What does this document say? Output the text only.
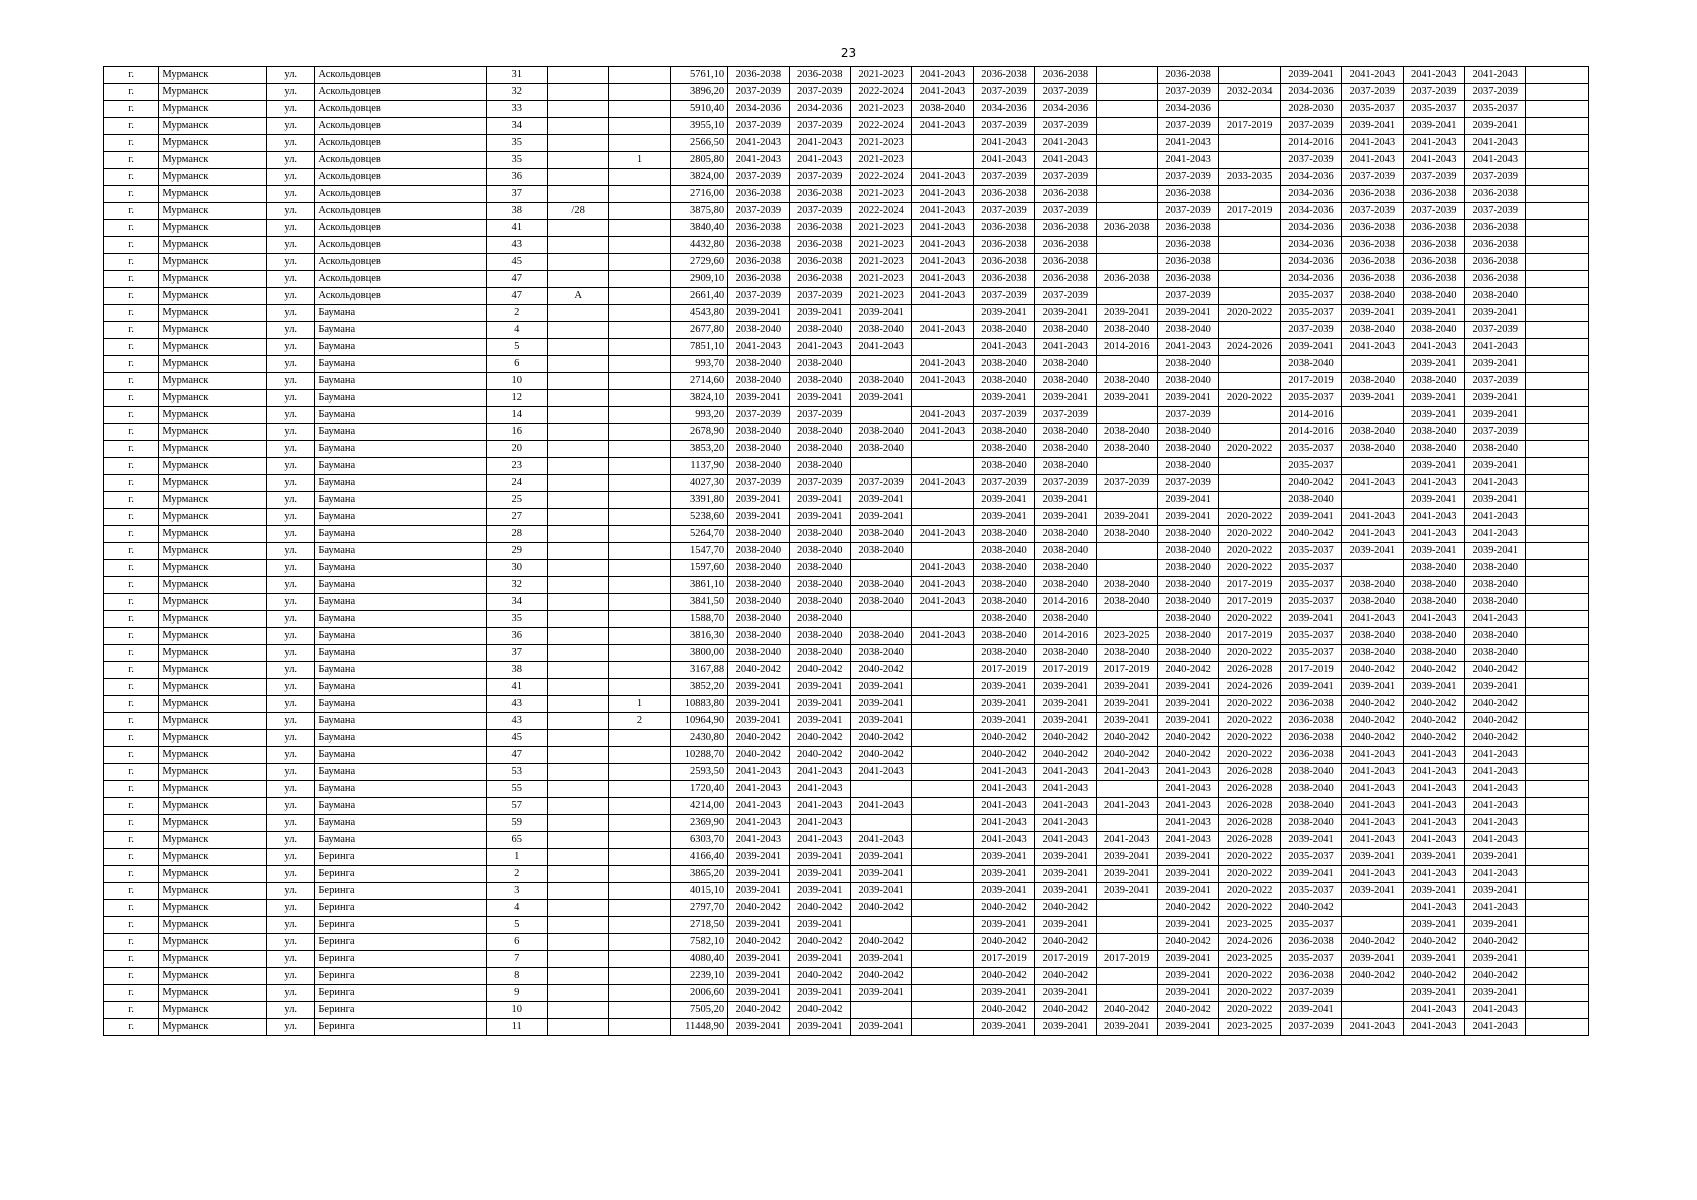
23
г.	Мурманск	ул.	Аскольдовцев	31			5761,10	2036-2038	2036-2038	2021-2023	2041-2043	2036-2038	2036-2038		2036-2038		2039-2041	2041-2043	2041-2043	2041-2043	
г.	Мурманск	ул.	Аскольдовцев	32			3896,20	2037-2039	2037-2039	2022-2024	2041-2043	2037-2039	2037-2039		2037-2039	2032-2034	2034-2036	2037-2039	2037-2039	2037-2039	
г.	Мурманск	ул.	Аскольдовцев	33			5910,40	2034-2036	2034-2036	2021-2023	2038-2040	2034-2036	2034-2036		2034-2036		2028-2030	2035-2037	2035-2037	2035-2037	
г.	Мурманск	ул.	Аскольдовцев	34			3955,10	2037-2039	2037-2039	2022-2024	2041-2043	2037-2039	2037-2039		2037-2039	2017-2019	2037-2039	2039-2041	2039-2041	2039-2041	
г.	Мурманск	ул.	Аскольдовцев	35			2566,50	2041-2043	2041-2043	2021-2023		2041-2043	2041-2043		2041-2043		2014-2016	2041-2043	2041-2043	2041-2043	
г.	Мурманск	ул.	Аскольдовцев	35		1	2805,80	2041-2043	2041-2043	2021-2023		2041-2043	2041-2043		2041-2043		2037-2039	2041-2043	2041-2043	2041-2043	
г.	Мурманск	ул.	Аскольдовцев	36			3824,00	2037-2039	2037-2039	2022-2024	2041-2043	2037-2039	2037-2039		2037-2039	2033-2035	2034-2036	2037-2039	2037-2039	2037-2039	
г.	Мурманск	ул.	Аскольдовцев	37			2716,00	2036-2038	2036-2038	2021-2023	2041-2043	2036-2038	2036-2038		2036-2038		2034-2036	2036-2038	2036-2038	2036-2038	
г.	Мурманск	ул.	Аскольдовцев	38	/28		3875,80	2037-2039	2037-2039	2022-2024	2041-2043	2037-2039	2037-2039		2037-2039	2017-2019	2034-2036	2037-2039	2037-2039	2037-2039	
г.	Мурманск	ул.	Аскольдовцев	41			3840,40	2036-2038	2036-2038	2021-2023	2041-2043	2036-2038	2036-2038	2036-2038	2036-2038		2034-2036	2036-2038	2036-2038	2036-2038	
г.	Мурманск	ул.	Аскольдовцев	43			4432,80	2036-2038	2036-2038	2021-2023	2041-2043	2036-2038	2036-2038		2036-2038		2034-2036	2036-2038	2036-2038	2036-2038	
г.	Мурманск	ул.	Аскольдовцев	45			2729,60	2036-2038	2036-2038	2021-2023	2041-2043	2036-2038	2036-2038		2036-2038		2034-2036	2036-2038	2036-2038	2036-2038	
г.	Мурманск	ул.	Аскольдовцев	47			2909,10	2036-2038	2036-2038	2021-2023	2041-2043	2036-2038	2036-2038	2036-2038	2036-2038		2034-2036	2036-2038	2036-2038	2036-2038	
г.	Мурманск	ул.	Аскольдовцев	47	А		2661,40	2037-2039	2037-2039	2021-2023	2041-2043	2037-2039	2037-2039		2037-2039		2035-2037	2038-2040	2038-2040	2038-2040	
г.	Мурманск	ул.	Баумана	2			4543,80	2039-2041	2039-2041	2039-2041		2039-2041	2039-2041	2039-2041	2039-2041	2020-2022	2035-2037	2039-2041	2039-2041	2039-2041	
г.	Мурманск	ул.	Баумана	4			2677,80	2038-2040	2038-2040	2038-2040	2041-2043	2038-2040	2038-2040	2038-2040	2038-2040		2037-2039	2038-2040	2038-2040	2037-2039	
г.	Мурманск	ул.	Баумана	5			7851,10	2041-2043	2041-2043	2041-2043		2041-2043	2041-2043	2014-2016	2041-2043	2024-2026	2039-2041	2041-2043	2041-2043	2041-2043	
г.	Мурманск	ул.	Баумана	6			993,70	2038-2040	2038-2040		2041-2043	2038-2040	2038-2040		2038-2040		2038-2040		2039-2041	2039-2041	
г.	Мурманск	ул.	Баумана	10			2714,60	2038-2040	2038-2040	2038-2040	2041-2043	2038-2040	2038-2040	2038-2040	2038-2040		2017-2019	2038-2040	2038-2040	2037-2039	
г.	Мурманск	ул.	Баумана	12			3824,10	2039-2041	2039-2041	2039-2041		2039-2041	2039-2041	2039-2041	2039-2041	2020-2022	2035-2037	2039-2041	2039-2041	2039-2041	
г.	Мурманск	ул.	Баумана	14			993,20	2037-2039	2037-2039		2041-2043	2037-2039	2037-2039		2037-2039		2014-2016		2039-2041	2039-2041	
г.	Мурманск	ул.	Баумана	16			2678,90	2038-2040	2038-2040	2038-2040	2041-2043	2038-2040	2038-2040	2038-2040	2038-2040		2014-2016	2038-2040	2038-2040	2037-2039	
г.	Мурманск	ул.	Баумана	20			3853,20	2038-2040	2038-2040	2038-2040		2038-2040	2038-2040	2038-2040	2038-2040	2020-2022	2035-2037	2038-2040	2038-2040	2038-2040	
г.	Мурманск	ул.	Баумана	23			1137,90	2038-2040	2038-2040			2038-2040	2038-2040		2038-2040		2035-2037		2039-2041	2039-2041	
г.	Мурманск	ул.	Баумана	24			4027,30	2037-2039	2037-2039	2037-2039	2041-2043	2037-2039	2037-2039	2037-2039	2037-2039		2040-2042	2041-2043	2041-2043	2041-2043	
г.	Мурманск	ул.	Баумана	25			3391,80	2039-2041	2039-2041	2039-2041		2039-2041	2039-2041		2039-2041		2038-2040		2039-2041	2039-2041	
г.	Мурманск	ул.	Баумана	27			5238,60	2039-2041	2039-2041	2039-2041		2039-2041	2039-2041	2039-2041	2039-2041	2020-2022	2039-2041	2041-2043	2041-2043	2041-2043	
г.	Мурманск	ул.	Баумана	28			5264,70	2038-2040	2038-2040	2038-2040	2041-2043	2038-2040	2038-2040	2038-2040	2038-2040	2020-2022	2040-2042	2041-2043	2041-2043	2041-2043	
г.	Мурманск	ул.	Баумана	29			1547,70	2038-2040	2038-2040	2038-2040		2038-2040	2038-2040		2038-2040	2020-2022	2035-2037	2039-2041	2039-2041	2039-2041	
г.	Мурманск	ул.	Баумана	30			1597,60	2038-2040	2038-2040		2041-2043	2038-2040	2038-2040		2038-2040	2020-2022	2035-2037		2038-2040	2038-2040	
г.	Мурманск	ул.	Баумана	32			3861,10	2038-2040	2038-2040	2038-2040	2041-2043	2038-2040	2038-2040	2038-2040	2038-2040	2017-2019	2035-2037	2038-2040	2038-2040	2038-2040	
г.	Мурманск	ул.	Баумана	34			3841,50	2038-2040	2038-2040	2038-2040	2041-2043	2038-2040	2014-2016	2038-2040	2038-2040	2017-2019	2035-2037	2038-2040	2038-2040	2038-2040	
г.	Мурманск	ул.	Баумана	35			1588,70	2038-2040	2038-2040			2038-2040	2038-2040		2038-2040	2020-2022	2039-2041	2041-2043	2041-2043	2041-2043	
г.	Мурманск	ул.	Баумана	36			3816,30	2038-2040	2038-2040	2038-2040	2041-2043	2038-2040	2014-2016	2023-2025	2038-2040	2017-2019	2035-2037	2038-2040	2038-2040	2038-2040	
г.	Мурманск	ул.	Баумана	37			3800,00	2038-2040	2038-2040	2038-2040		2038-2040	2038-2040	2038-2040	2038-2040	2020-2022	2035-2037	2038-2040	2038-2040	2038-2040	
г.	Мурманск	ул.	Баумана	38			3167,88	2040-2042	2040-2042	2040-2042		2017-2019	2017-2019	2017-2019	2040-2042	2026-2028	2017-2019	2040-2042	2040-2042	2040-2042	
г.	Мурманск	ул.	Баумана	41			3852,20	2039-2041	2039-2041	2039-2041		2039-2041	2039-2041	2039-2041	2039-2041	2024-2026	2039-2041	2039-2041	2039-2041	2039-2041	
г.	Мурманск	ул.	Баумана	43		1	10883,80	2039-2041	2039-2041	2039-2041		2039-2041	2039-2041	2039-2041	2039-2041	2020-2022	2036-2038	2040-2042	2040-2042	2040-2042	
г.	Мурманск	ул.	Баумана	43		2	10964,90	2039-2041	2039-2041	2039-2041		2039-2041	2039-2041	2039-2041	2039-2041	2020-2022	2036-2038	2040-2042	2040-2042	2040-2042	
г.	Мурманск	ул.	Баумана	45			2430,80	2040-2042	2040-2042	2040-2042		2040-2042	2040-2042	2040-2042	2040-2042	2020-2022	2036-2038	2040-2042	2040-2042	2040-2042	
г.	Мурманск	ул.	Баумана	47			10288,70	2040-2042	2040-2042	2040-2042		2040-2042	2040-2042	2040-2042	2040-2042	2020-2022	2036-2038	2041-2043	2041-2043	2041-2043	
г.	Мурманск	ул.	Баумана	53			2593,50	2041-2043	2041-2043	2041-2043		2041-2043	2041-2043	2041-2043	2041-2043	2026-2028	2038-2040	2041-2043	2041-2043	2041-2043	
г.	Мурманск	ул.	Баумана	55			1720,40	2041-2043	2041-2043			2041-2043	2041-2043		2041-2043	2026-2028	2038-2040	2041-2043	2041-2043	2041-2043	
г.	Мурманск	ул.	Баумана	57			4214,00	2041-2043	2041-2043	2041-2043		2041-2043	2041-2043	2041-2043	2041-2043	2026-2028	2038-2040	2041-2043	2041-2043	2041-2043	
г.	Мурманск	ул.	Баумана	59			2369,90	2041-2043	2041-2043			2041-2043	2041-2043		2041-2043	2026-2028	2038-2040	2041-2043	2041-2043	2041-2043	
г.	Мурманск	ул.	Баумана	65			6303,70	2041-2043	2041-2043	2041-2043		2041-2043	2041-2043	2041-2043	2041-2043	2026-2028	2039-2041	2041-2043	2041-2043	2041-2043	
г.	Мурманск	ул.	Беринга	1			4166,40	2039-2041	2039-2041	2039-2041		2039-2041	2039-2041	2039-2041	2039-2041	2020-2022	2035-2037	2039-2041	2039-2041	2039-2041	
г.	Мурманск	ул.	Беринга	2			3865,20	2039-2041	2039-2041	2039-2041		2039-2041	2039-2041	2039-2041	2039-2041	2020-2022	2039-2041	2041-2043	2041-2043	2041-2043	
г.	Мурманск	ул.	Беринга	3			4015,10	2039-2041	2039-2041	2039-2041		2039-2041	2039-2041	2039-2041	2039-2041	2020-2022	2035-2037	2039-2041	2039-2041	2039-2041	
г.	Мурманск	ул.	Беринга	4			2797,70	2040-2042	2040-2042	2040-2042		2040-2042	2040-2042		2040-2042	2020-2022	2040-2042		2041-2043	2041-2043	
г.	Мурманск	ул.	Беринга	5			2718,50	2039-2041	2039-2041			2039-2041	2039-2041		2039-2041	2023-2025	2035-2037		2039-2041	2039-2041	
г.	Мурманск	ул.	Беринга	6			7582,10	2040-2042	2040-2042	2040-2042		2040-2042	2040-2042		2040-2042	2024-2026	2036-2038	2040-2042	2040-2042	2040-2042	
г.	Мурманск	ул.	Беринга	7			4080,40	2039-2041	2039-2041	2039-2041		2017-2019	2017-2019	2017-2019	2039-2041	2023-2025	2035-2037	2039-2041	2039-2041	2039-2041	
г.	Мурманск	ул.	Беринга	8			2239,10	2039-2041	2040-2042	2040-2042		2040-2042	2040-2042		2039-2041	2020-2022	2036-2038	2040-2042	2040-2042	2040-2042	
г.	Мурманск	ул.	Беринга	9			2006,60	2039-2041	2039-2041	2039-2041		2039-2041	2039-2041		2039-2041	2020-2022	2037-2039		2039-2041	2039-2041	
г.	Мурманск	ул.	Беринга	10			7505,20	2040-2042	2040-2042			2040-2042	2040-2042	2040-2042	2040-2042	2020-2022	2039-2041		2041-2043	2041-2043	
г.	Мурманск	ул.	Беринга	11			11448,90	2039-2041	2039-2041	2039-2041		2039-2041	2039-2041	2039-2041	2039-2041	2023-2025	2037-2039	2041-2043	2041-2043	2041-2043	
